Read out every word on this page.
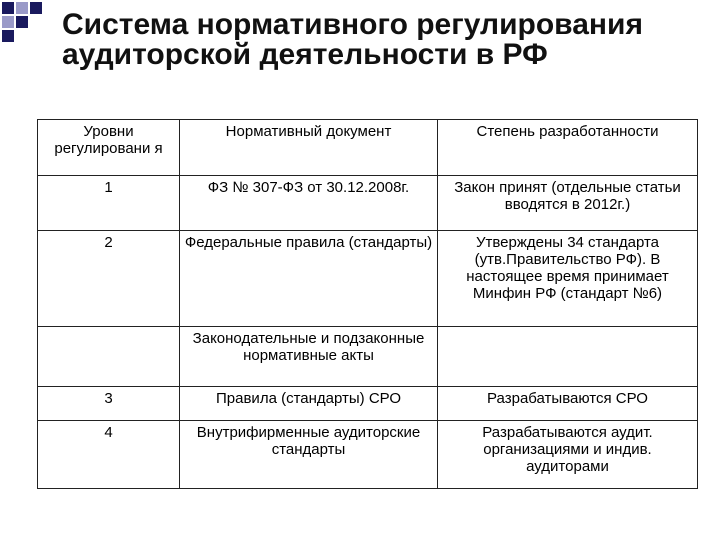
Система нормативного регулирования аудиторской деятельности в РФ
Уровни регулировани я	Нормативный документ	Степень разработанности
1	ФЗ № 307-ФЗ от 30.12.2008г.	Закон принят (отдельные статьи вводятся в 2012г.)
2	Федеральные правила (стандарты)	Утверждены 34 стандарта (утв.Правительство РФ). В настоящее время принимает Минфин РФ (стандарт №6)
	Законодательные и подзаконные нормативные акты	
3	Правила (стандарты) СРО	Разрабатываются СРО
4	Внутрифирменные аудиторские стандарты	Разрабатываются аудит. организациями и индив. аудиторами
